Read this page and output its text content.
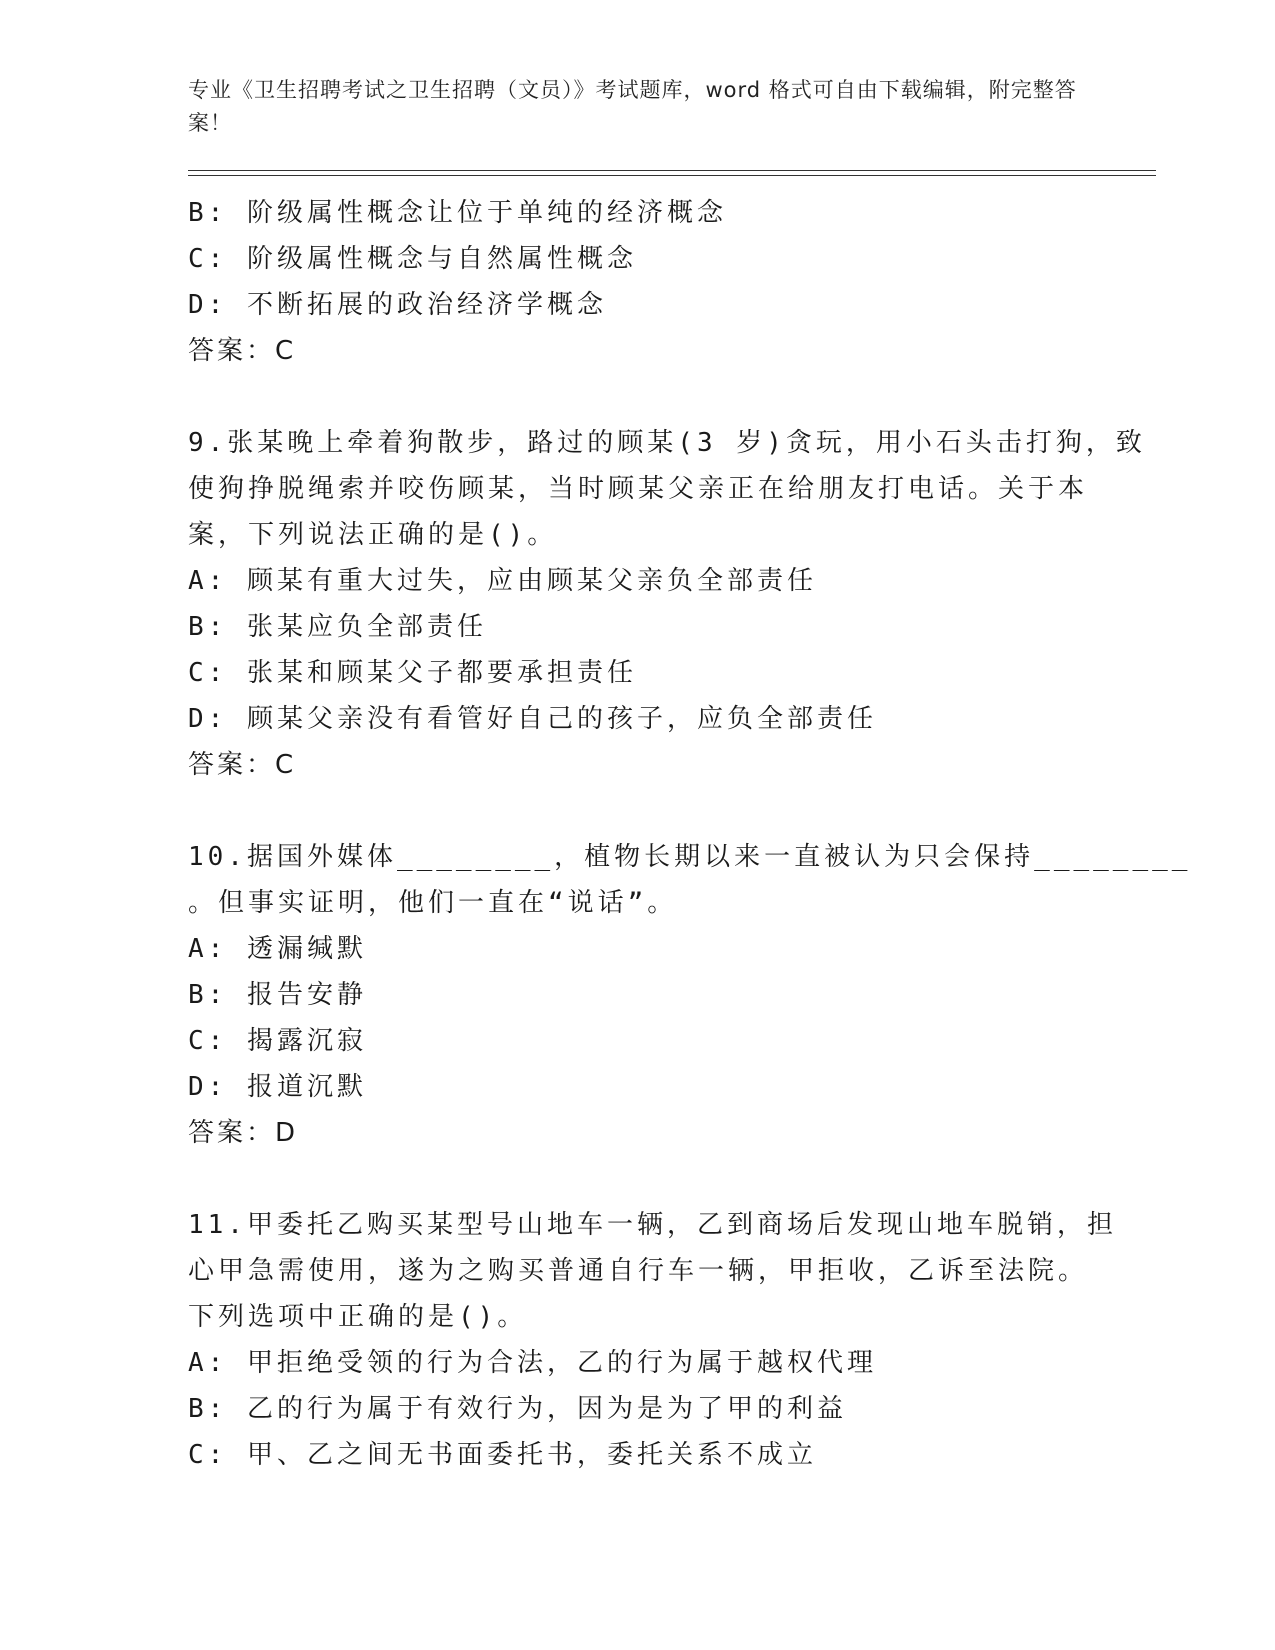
专业《卫生招聘考试之卫生招聘（文员）》考试题库，word 格式可自由下载编辑，附完整答案！
B: 阶级属性概念让位于单纯的经济概念
C: 阶级属性概念与自然属性概念
D: 不断拓展的政治经济学概念
答案：C
9.张某晚上牵着狗散步，路过的顾某(3 岁)贪玩，用小石头击打狗，致
使狗挣脱绳索并咬伤顾某，当时顾某父亲正在给朋友打电话。关于本
案，下列说法正确的是()。
A: 顾某有重大过失，应由顾某父亲负全部责任
B: 张某应负全部责任
C: 张某和顾某父子都要承担责任
D: 顾某父亲没有看管好自己的孩子，应负全部责任
答案：C
10.据国外媒体________，植物长期以来一直被认为只会保持________
。但事实证明，他们一直在“说话”。
A: 透漏缄默
B: 报告安静
C: 揭露沉寂
D: 报道沉默
答案：D
11.甲委托乙购买某型号山地车一辆，乙到商场后发现山地车脱销，担
心甲急需使用，遂为之购买普通自行车一辆，甲拒收，乙诉至法院。
下列选项中正确的是()。
A: 甲拒绝受领的行为合法，乙的行为属于越权代理
B: 乙的行为属于有效行为，因为是为了甲的利益
C: 甲、乙之间无书面委托书，委托关系不成立
